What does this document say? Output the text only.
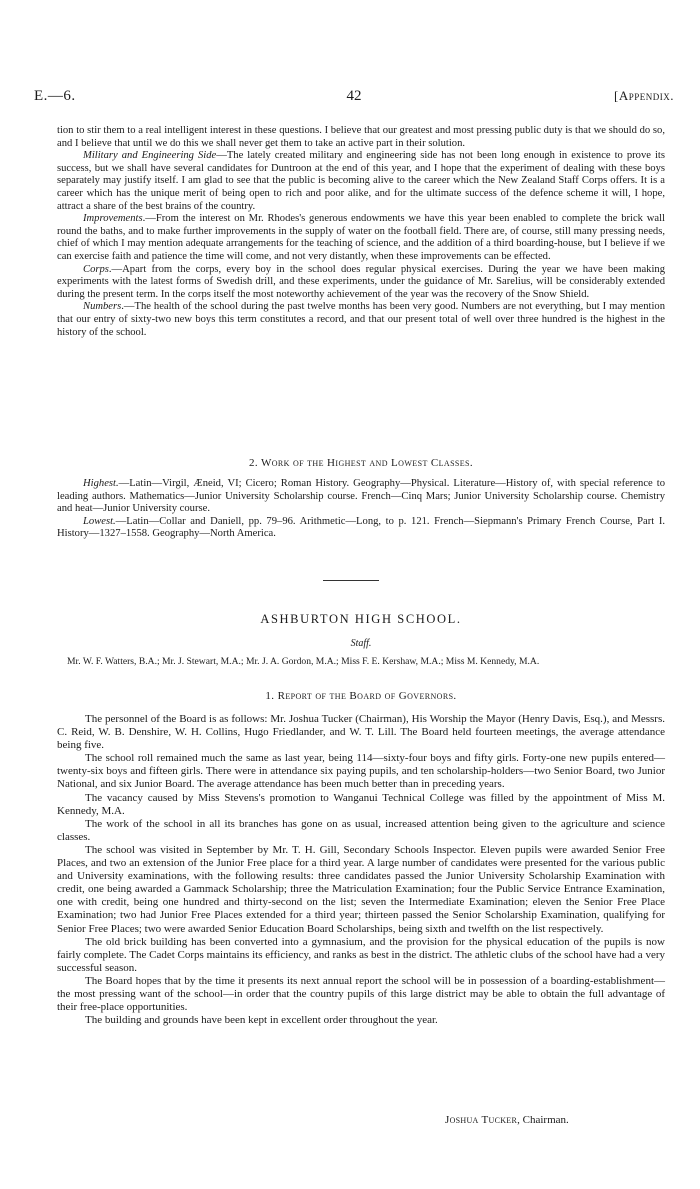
E.—6.	42	[Appendix.

tion to stir them to a real intelligent interest in these questions. I believe that our greatest and most pressing public duty is that we should do so, and I believe that until we do this we shall never get them to take an active part in their solution.

Military and Engineering Side—The lately created military and engineering side has not been long enough in existence to prove its success, but we shall have several candidates for Duntroon at the end of this year, and I hope that the experiment of dealing with these boys separately may justify itself. I am glad to see that the public is becoming alive to the career which the New Zealand Staff Corps offers. It is a career which has the unique merit of being open to rich and poor alike, and for the ultimate success of the defence scheme it will, I hope, attract a share of the best brains of the country.

Improvements.—From the interest on Mr. Rhodes's generous endowments we have this year been enabled to complete the brick wall round the baths, and to make further improvements in the supply of water on the football field. There are, of course, still many pressing needs, chief of which I may mention adequate arrangements for the teaching of science, and the addition of a third boarding-house, but I believe if we can exercise faith and patience the time will come, and not very distantly, when these improvements can be effected.

Corps.—Apart from the corps, every boy in the school does regular physical exercises. During the year we have been making experiments with the latest forms of Swedish drill, and these experiments, under the guidance of Mr. Sarelius, will be considerably extended during the present term. In the corps itself the most noteworthy achievement of the year was the recovery of the Snow Shield.

Numbers.—The health of the school during the past twelve months has been very good. Numbers are not everything, but I may mention that our entry of sixty-two new boys this term constitutes a record, and that our present total of well over three hundred is the highest in the history of the school.

2. Work of the Highest and Lowest Classes.

Highest.—Latin—Virgil, Æneid, VI; Cicero; Roman History. Geography—Physical. Literature—History of, with special reference to leading authors. Mathematics—Junior University Scholarship course. French—Cinq Mars; Junior University Scholarship course. Chemistry and heat—Junior University course.

Lowest.—Latin—Collar and Daniell, pp. 79–96. Arithmetic—Long, to p. 121. French—Siepmann's Primary French Course, Part I. History—1327–1558. Geography—North America.

ASHBURTON HIGH SCHOOL.
Staff.

Mr. W. F. Watters, B.A.; Mr. J. Stewart, M.A.; Mr. J. A. Gordon, M.A.; Miss F. E. Kershaw, M.A.; Miss M. Kennedy, M.A.

1. Report of the Board of Governors.

The personnel of the Board is as follows: Mr. Joshua Tucker (Chairman), His Worship the Mayor (Henry Davis, Esq.), and Messrs. C. Reid, W. B. Denshire, W. H. Collins, Hugo Friedlander, and W. T. Lill. The Board held fourteen meetings, the average attendance being five.

The school roll remained much the same as last year, being 114—sixty-four boys and fifty girls. Forty-one new pupils entered—twenty-six boys and fifteen girls. There were in attendance six paying pupils, and ten scholarship-holders—two Senior Board, two Junior National, and six Junior Board. The average attendance has been much better than in preceding years.

The vacancy caused by Miss Stevens's promotion to Wanganui Technical College was filled by the appointment of Miss M. Kennedy, M.A.

The work of the school in all its branches has gone on as usual, increased attention being given to the agriculture and science classes.

The school was visited in September by Mr. T. H. Gill, Secondary Schools Inspector. Eleven pupils were awarded Senior Free Places, and two an extension of the Junior Free place for a third year. A large number of candidates were presented for the various public and University examinations, with the following results: three candidates passed the Junior University Scholarship Examination with credit, one being awarded a Gammack Scholarship; three the Matriculation Examination; four the Public Service Entrance Examination, one with credit, being one hundred and thirty-second on the list; seven the Intermediate Examination; eleven the Senior Free Place Examination; two had Junior Free Places extended for a third year; thirteen passed the Senior Scholarship Examination, qualifying for Senior Free Places; two were awarded Senior Education Board Scholarships, being sixth and twelfth on the list respectively.

The old brick building has been converted into a gymnasium, and the provision for the physical education of the pupils is now fairly complete. The Cadet Corps maintains its efficiency, and ranks as best in the district. The athletic clubs of the school have had a very successful season.

The Board hopes that by the time it presents its next annual report the school will be in possession of a boarding-establishment—the most pressing want of the school—in order that the country pupils of this large district may be able to obtain the full advantage of their free-place opportunities.

The building and grounds have been kept in excellent order throughout the year.

Joshua Tucker, Chairman.
